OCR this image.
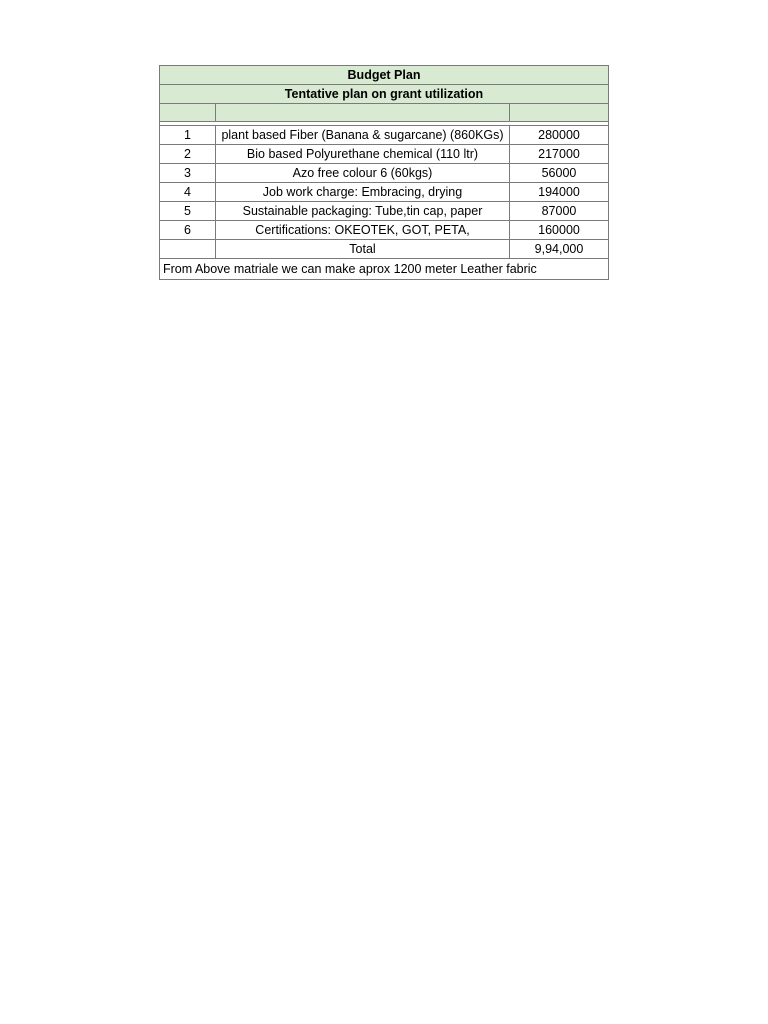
Budget Plan		
Tentative plan on grant utilization		

1	plant based Fiber (Banana & sugarcane) (860KGs)	280000
2	Bio based Polyurethane chemical (110 ltr)	217000
3	Azo free colour 6 (60kgs)	56000
4	Job work charge: Embracing, drying	194000
5	Sustainable packaging: Tube,tin cap, paper	87000
6	Certifications: OKEOTEK, GOT, PETA,	160000
	Total	9,94,000
From Above matriale we can make aprox 1200 meter Leather fabric		
